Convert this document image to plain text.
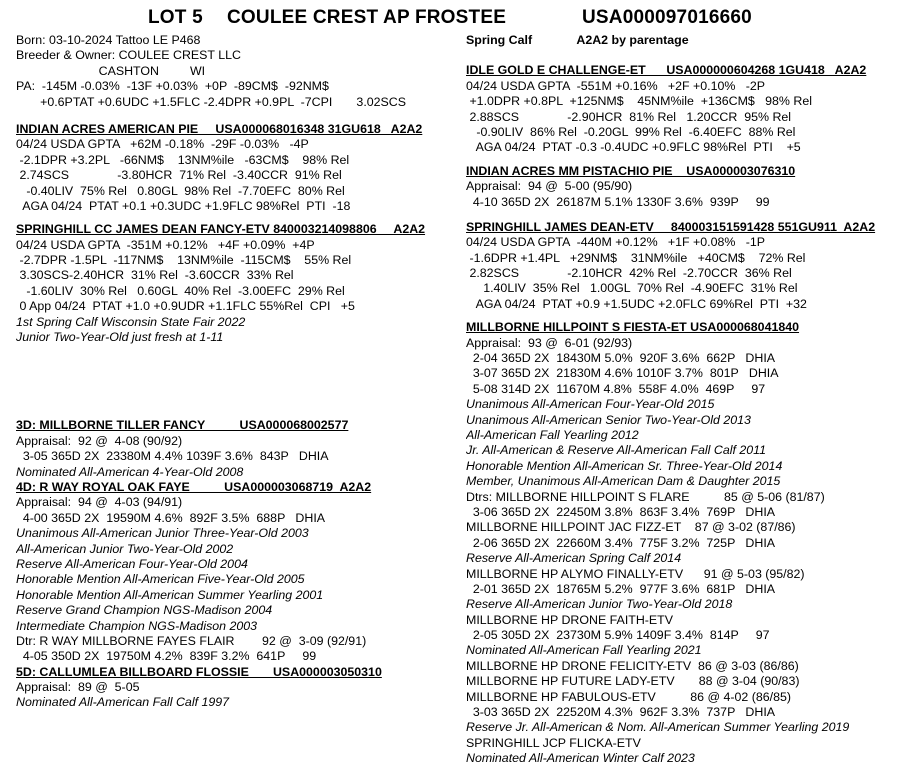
LOT 5 COULEE CREST AP FROSTEE	USA000097016660
Born: 03-10-2024 Tattoo LE P468
Breeder & Owner: COULEE CREST LLC
CASHTON         WI
PA:  -145M -0.03%  -13F +0.03%  +0P  -89CM$  -92NM$
+0.6PTAT +0.6UDC +1.5FLC -2.4DPR +0.9PL  -7CPI       3.02SCS
INDIAN ACRES AMERICAN PIE     USA000068016348 31GU618   A2A2
04/24 USDA GPTA   +62M -0.18%  -29F -0.03%   -4P
-2.1DPR +3.2PL   -66NM$    13NM%ile   -63CM$    98% Rel
2.74SCS              -3.80HCR  71% Rel  -3.40CCR  91% Rel
-0.40LIV  75% Rel   0.80GL  98% Rel  -7.70EFC  80% Rel
AGA 04/24  PTAT +0.1 +0.3UDC +1.9FLC 98%Rel  PTI  -18
SPRINGHILL CC JAMES DEAN FANCY-ETV 840003214098806     A2A2
04/24 USDA GPTA  -351M +0.12%   +4F +0.09%  +4P
-2.7DPR -1.5PL  -117NM$    13NM%ile  -115CM$    55% Rel
3.30SCS-2.40HCR  31% Rel  -3.60CCR  33% Rel
-1.60LIV  30% Rel   0.60GL  40% Rel  -3.00EFC  29% Rel
0 App 04/24  PTAT +1.0 +0.9UDR +1.1FLC 55%Rel  CPI   +5
1st Spring Calf Wisconsin State Fair 2022
Junior Two-Year-Old just fresh at 1-11
3D: MILLBORNE TILLER FANCY          USA000068002577
Appraisal:  92 @  4-08 (90/92)
3-05 365D 2X  23380M 4.4% 1039F 3.6%  843P   DHIA
Nominated All-American 4-Year-Old 2008
4D: R WAY ROYAL OAK FAYE          USA000003068719  A2A2
Appraisal:  94 @  4-03 (94/91)
4-00 365D 2X  19590M 4.6%  892F 3.5%  688P   DHIA
Unanimous All-American Junior Three-Year-Old 2003
All-American Junior Two-Year-Old 2002
Reserve All-American Four-Year-Old 2004
Honorable Mention All-American Five-Year-Old 2005
Honorable Mention All-American Summer Yearling 2001
Reserve Grand Champion NGS-Madison 2004
Intermediate Champion NGS-Madison 2003
Dtr: R WAY MILLBORNE FAYES FLAIR        92 @  3-09 (92/91)
4-05 350D 2X  19750M 4.2%  839F 3.2%  641P     99
5D: CALLUMLEA BILLBOARD FLOSSIE       USA000003050310
Appraisal:  89 @  5-05
Nominated All-American Fall Calf 1997
Spring Calf             A2A2 by parentage
IDLE GOLD E CHALLENGE-ET      USA000000604268 1GU418   A2A2
04/24 USDA GPTA  -551M +0.16%   +2F +0.10%   -2P
+1.0DPR +0.8PL  +125NM$    45NM%ile  +136CM$   98% Rel
2.88SCS              -2.90HCR  81% Rel   1.20CCR  95% Rel
-0.90LIV  86% Rel  -0.20GL  99% Rel  -6.40EFC  88% Rel
AGA 04/24  PTAT -0.3 -0.4UDC +0.9FLC 98%Rel  PTI    +5
INDIAN ACRES MM PISTACHIO PIE    USA000003076310
Appraisal:  94 @  5-00 (95/90)
4-10 365D 2X  26187M 5.1% 1330F 3.6%  939P     99
SPRINGHILL JAMES DEAN-ETV     840003151591428 551GU911  A2A2
04/24 USDA GPTA  -440M +0.12%   +1F +0.08%   -1P
-1.6DPR +1.4PL   +29NM$    31NM%ile   +40CM$    72% Rel
2.82SCS              -2.10HCR  42% Rel  -2.70CCR  36% Rel
1.40LIV  35% Rel   1.00GL  70% Rel  -4.90EFC  31% Rel
AGA 04/24  PTAT +0.9 +1.5UDC +2.0FLC 69%Rel  PTI  +32
MILLBORNE HILLPOINT S FIESTA-ET USA000068041840
Appraisal:  93 @  6-01 (92/93)
2-04 365D 2X  18430M 5.0%  920F 3.6%  662P   DHIA
3-07 365D 2X  21830M 4.6% 1010F 3.7%  801P   DHIA
5-08 314D 2X  11670M 4.8%  558F 4.0%  469P     97
Unanimous All-American Four-Year-Old 2015
Unanimous All-American Senior Two-Year-Old 2013
All-American Fall Yearling 2012
Jr. All-American & Reserve All-American Fall Calf 2011
Honorable Mention All-American Sr. Three-Year-Old 2014
Member, Unanimous All-American Dam & Daughter 2015
Dtrs: MILLBORNE HILLPOINT S FLARE          85 @ 5-06 (81/87)
3-06 365D 2X  22450M 3.8%  863F 3.4%  769P   DHIA
MILLBORNE HILLPOINT JAC FIZZ-ET    87 @ 3-02 (87/86)
2-06 365D 2X  22660M 3.4%  775F 3.2%  725P   DHIA
Reserve All-American Spring Calf 2014
MILLBORNE HP ALYMO FINALLY-ETV      91 @ 5-03 (95/82)
2-01 365D 2X  18765M 5.2%  977F 3.6%  681P   DHIA
Reserve All-American Junior Two-Year-Old 2018
MILLBORNE HP DRONE FAITH-ETV
2-05 305D 2X  23730M 5.9% 1409F 3.4%  814P     97
Nominated All-American Fall Yearling 2021
MILLBORNE HP DRONE FELICITY-ETV  86 @ 3-03 (86/86)
MILLBORNE HP FUTURE LADY-ETV       88 @ 3-04 (90/83)
MILLBORNE HP FABULOUS-ETV          86 @ 4-02 (86/85)
3-03 365D 2X  22520M 4.3%  962F 3.3%  737P   DHIA
Reserve Jr. All-American & Nom. All-American Summer Yearling 2019
SPRINGHILL JCP FLICKA-ETV
Nominated All-American Winter Calf 2023
